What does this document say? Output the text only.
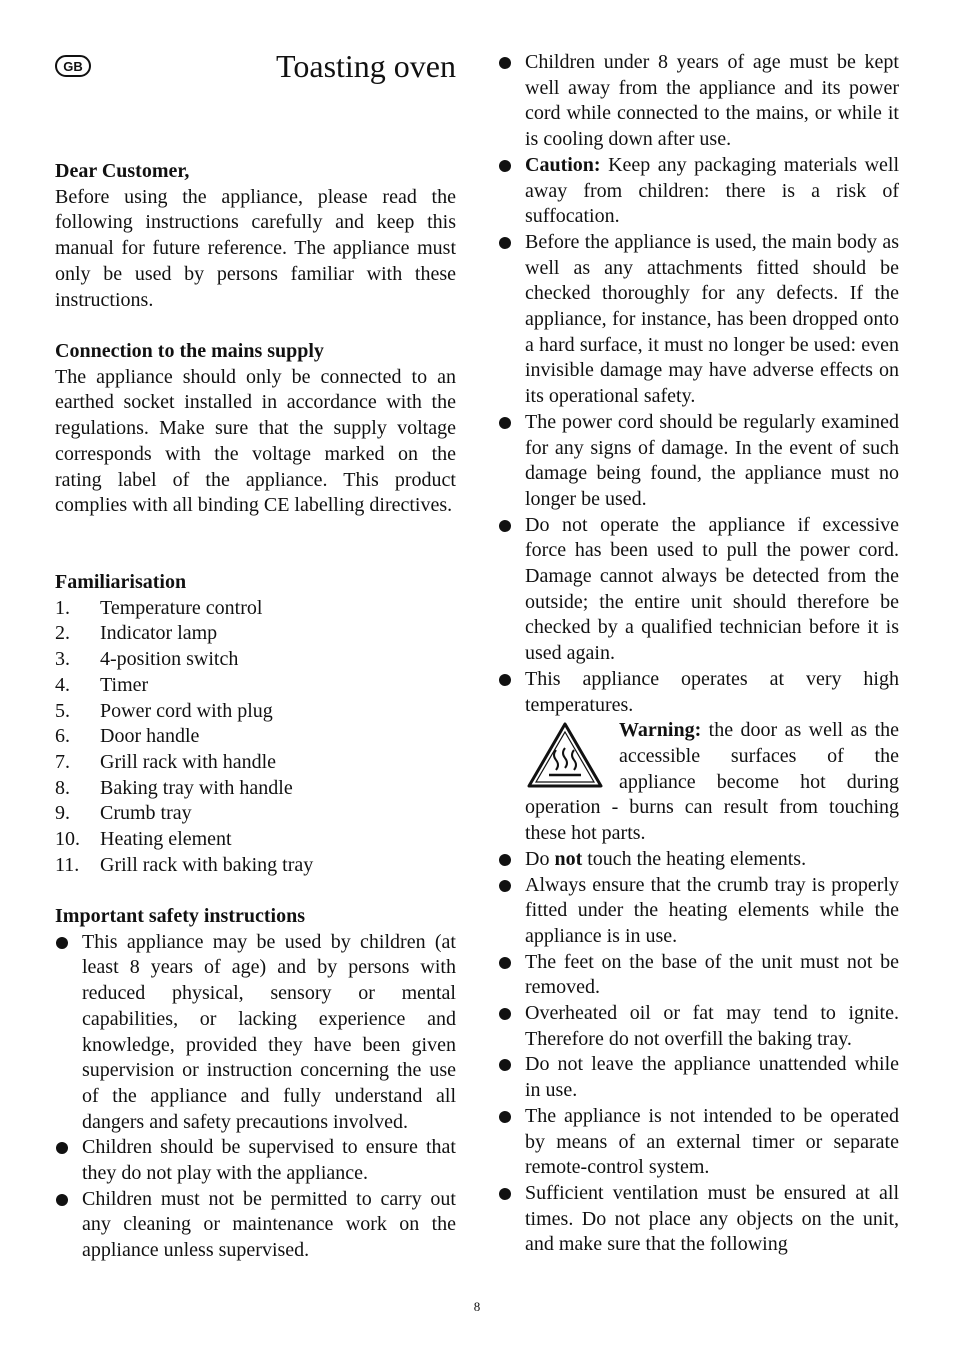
GB	Toasting oven
Dear Customer,
Before using the appliance, please read the following instructions carefully and keep this manual for future reference. The appliance must only be used by persons familiar with these instructions.
Connection to the mains supply
The appliance should only be connected to an earthed socket installed in accordance with the regulations. Make sure that the supply voltage corresponds with the voltage marked on the rating label of the appliance. This product complies with all binding CE labelling directives.
Familiarisation
1.	Temperature control
2.	Indicator lamp
3.	4-position switch
4.	Timer
5.	Power cord with plug
6.	Door handle
7.	Grill rack with handle
8.	Baking tray with handle
9.	Crumb tray
10.	Heating element
11.	Grill rack with baking tray
Important safety instructions
This appliance may be used by children (at least 8 years of age) and by persons with reduced physical, sensory or mental capabilities, or lacking experience and knowledge, provided they have been given supervision or instruction concerning the use of the appliance and fully understand all dangers and safety precautions involved.
Children should be supervised to ensure that they do not play with the appliance.
Children must not be permitted to carry out any cleaning or maintenance work on the appliance unless supervised.
Children under 8 years of age must be kept well away from the appliance and its power cord while connected to the mains, or while it is cooling down after use.
Caution: Keep any packaging materials well away from children: there is a risk of suffocation.
Before the appliance is used, the main body as well as any attachments fitted should be checked thoroughly for any defects. If the appliance, for instance, has been dropped onto a hard surface, it must no longer be used: even invisible damage may have adverse effects on its operational safety.
The power cord should be regularly examined for any signs of damage. In the event of such damage being found, the appliance must no longer be used.
Do not operate the appliance if excessive force has been used to pull the power cord. Damage cannot always be detected from the outside; the entire unit should therefore be checked by a qualified technician before it is used again.
This appliance operates at very high temperatures.
Warning: the door as well as the accessible surfaces of the appliance become hot during operation - burns can result from touching these hot parts.
Do not touch the heating elements.
Always ensure that the crumb tray is properly fitted under the heating elements while the appliance is in use.
The feet on the base of the unit must not be removed.
Overheated oil or fat may tend to ignite. Therefore do not overfill the baking tray.
Do not leave the appliance unattended while in use.
The appliance is not intended to be operated by means of an external timer or separate remote-control system.
Sufficient ventilation must be ensured at all times. Do not place any objects on the unit, and make sure that the following
8
